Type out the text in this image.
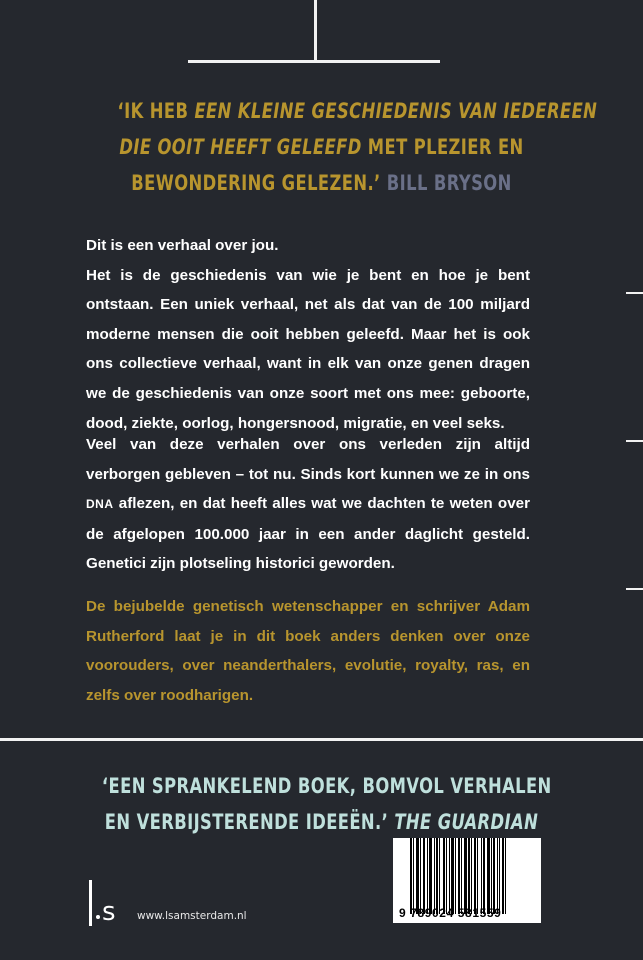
‘IK HEB EEN KLEINE GESCHIEDENIS VAN IEDEREEN
DIE OOIT HEEFT GELEEFD MET PLEZIER EN
BEWONDERING GELEZEN.’ BILL BRYSON
Dit is een verhaal over jou.
Het is de geschiedenis van wie je bent en hoe je bent ontstaan. Een uniek verhaal, net als dat van de 100 miljard moderne mensen die ooit hebben geleefd. Maar het is ook ons collectieve verhaal, want in elk van onze genen dragen we de geschiedenis van onze soort met ons mee: geboorte, dood, ziekte, oorlog, hongersnood, migratie, en veel seks.
Veel van deze verhalen over ons verleden zijn altijd verborgen gebleven – tot nu. Sinds kort kunnen we ze in ons DNA aflezen, en dat heeft alles wat we dachten te weten over de afgelopen 100.000 jaar in een ander daglicht gesteld. Genetici zijn plotseling historici geworden.
De bejubelde genetisch wetenschapper en schrijver Adam Rutherford laat je in dit boek anders denken over onze voorouders, over neanderthalers, evolutie, royalty, ras, en zelfs over roodharigen.
‘EEN SPRANKELEND BOEK, BOMVOL VERHALEN
EN VERBIJSTERENDE IDEEËN.’ THE GUARDIAN
s www.lsamsterdam.nl	9 789024 581559
